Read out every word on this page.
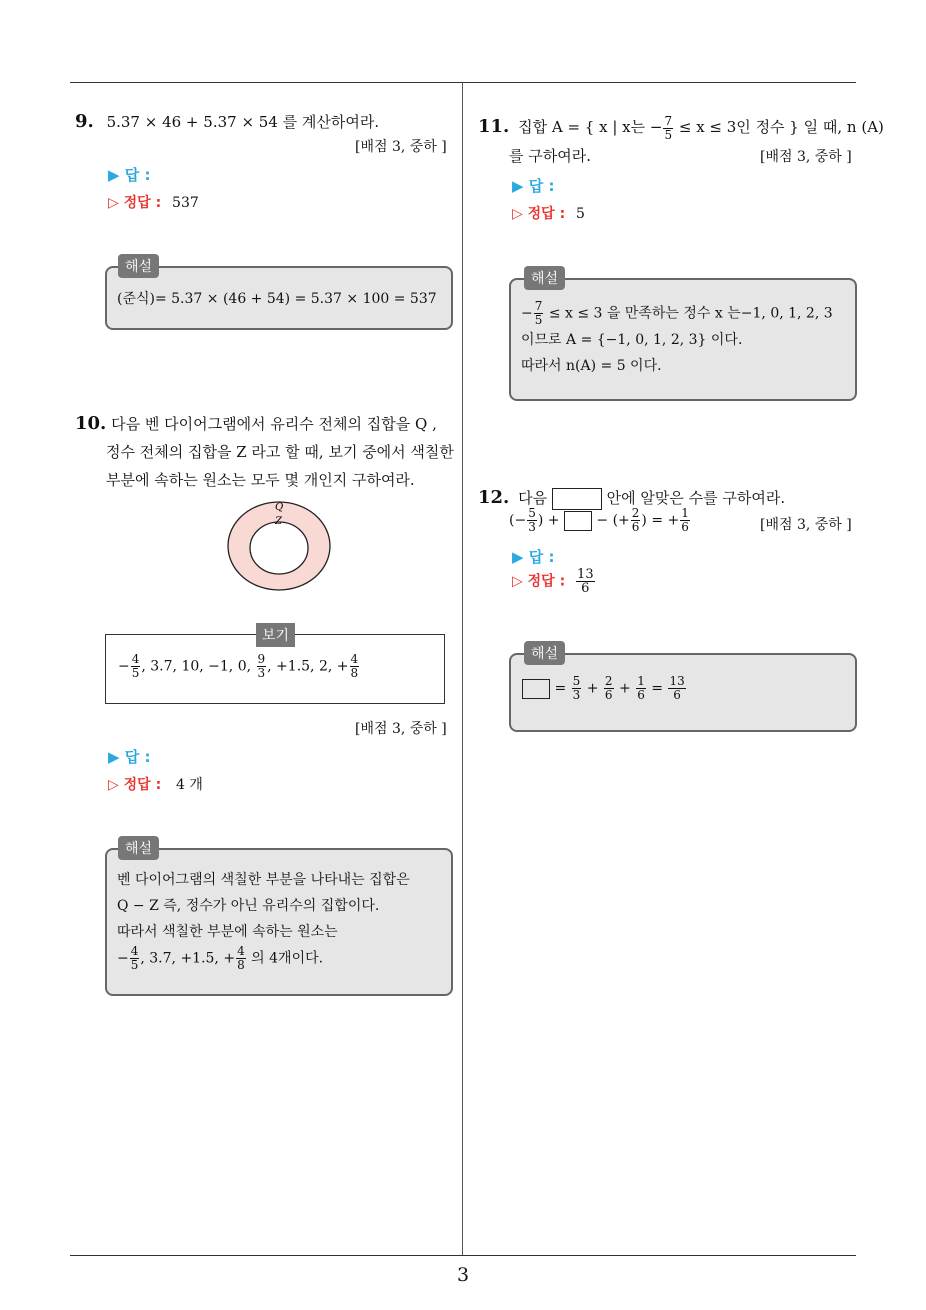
3
9. 5.37 × 46 + 5.37 × 54 를 계산하여라.
[배점 3, 중하 ]
▶ 답 :
▷ 정답 : 537
해설
(준식)= 5.37 × (46 + 54) = 5.37 × 100 = 537
10. 다음 벤 다이어그램에서 유리수 전체의 집합을 Q ,
정수 전체의 집합을 Z 라고 할 때, 보기 중에서 색칠한
부분에 속하는 원소는 모두 몇 개인지 구하여라.
Q
Z
보기
− $\frac{4}{5}$ , 3.7, 10, −1, 0, $\frac{9}{3}$ , +1.5, 2, + $\frac{4}{8}$
[배점 3, 중하 ]
▶ 답 :
▷ 정답 : 4 개
해설
벤 다이어그램의 색칠한 부분을 나타내는 집합은
Q − Z 즉, 정수가 아닌 유리수의 집합이다.
따라서 색칠한 부분에 속하는 원소는
− $\frac{4}{5}$ , 3.7, +1.5, + $\frac{4}{8}$ 의 4개이다.
11. 집합 A = { x | x는 − $\frac{7}{5} \le x \le 3$인 정수 } 일 때, n (A)
를 구하여라.	[배점 3, 중하 ]
▶ 답 :
▷ 정답 : 5
해설
− $\frac{7}{5} \le x \le 3$ 을 만족하는 정수 x 는−1, 0, 1, 2, 3
이므로 A = {−1, 0, 1, 2, 3} 이다.
따라서 n(A) = 5 이다.
12. 다음	안에 알맞은 수를 구하여라.
(− $\frac{5}{3}$ ) +  − (+ $\frac{2}{6}$ ) = + $\frac{1}{6}$	[배점 3, 중하 ]
▶ 답 :
▷ 정답 : $\frac{13}{6}$
해설
= $\frac{5}{3} + \frac{2}{6} + \frac{1}{6} = \frac{13}{6}$
